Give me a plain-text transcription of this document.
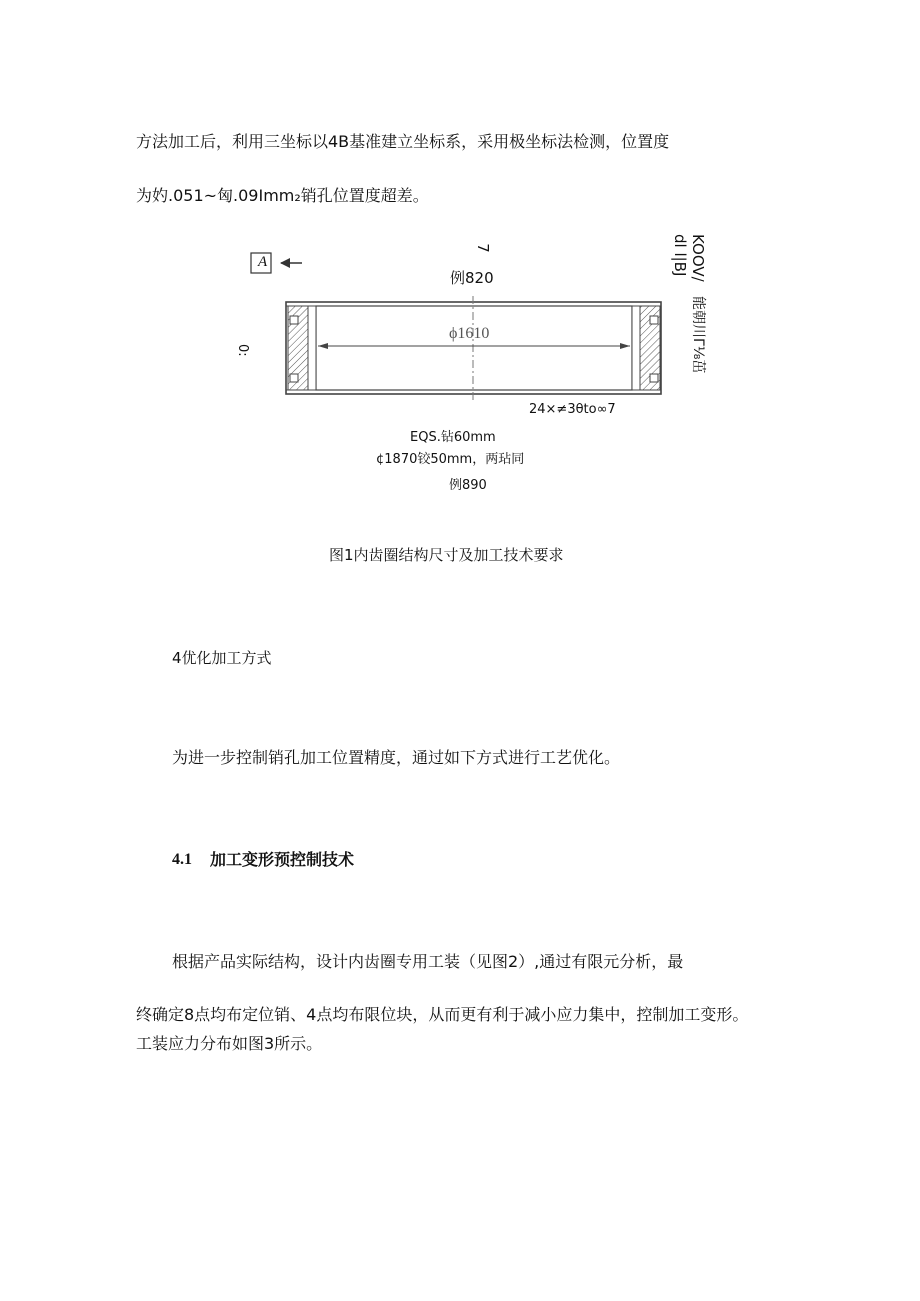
方法加工后，利用三坐标以4B基准建立坐标系，采用极坐标法检测，位置度
为妁.051~匈.09Imm₂销孔位置度超差。
A
7
例820
ϕ1610
0:
KOOV/
dl l|BJ
能朝川Γ⅛茁
24×≠3θto∞7
EQS.钻60mm
¢1870铰50mm，两玷同
例890
图1内齿圈结构尺寸及加工技术要求
4优化加工方式
为进一步控制销孔加工位置精度，通过如下方式进行工艺优化。
4.1 加工变形预控制技术
根据产品实际结构，设计内齿圈专用工装（见图2）,通过有限元分析，最
终确定8点均布定位销、4点均布限位块，从而更有利于减小应力集中，控制加工变形。
工装应力分布如图3所示。
